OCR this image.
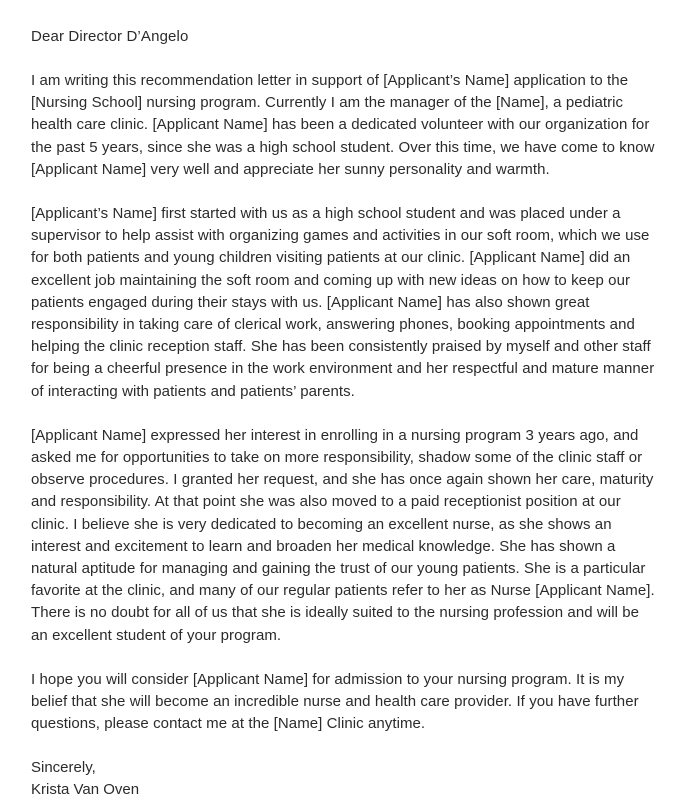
Dear Director D’Angelo

I am writing this recommendation letter in support of [Applicant’s Name] application to the [Nursing School] nursing program. Currently I am the manager of the [Name], a pediatric health care clinic. [Applicant Name] has been a dedicated volunteer with our organization for the past 5 years, since she was a high school student. Over this time, we have come to know [Applicant Name] very well and appreciate her sunny personality and warmth.

[Applicant’s Name] first started with us as a high school student and was placed under a supervisor to help assist with organizing games and activities in our soft room, which we use for both patients and young children visiting patients at our clinic. [Applicant Name] did an excellent job maintaining the soft room and coming up with new ideas on how to keep our patients engaged during their stays with us. [Applicant Name] has also shown great responsibility in taking care of clerical work, answering phones, booking appointments and helping the clinic reception staff. She has been consistently praised by myself and other staff for being a cheerful presence in the work environment and her respectful and mature manner of interacting with patients and patients’ parents.

[Applicant Name] expressed her interest in enrolling in a nursing program 3 years ago, and asked me for opportunities to take on more responsibility, shadow some of the clinic staff or observe procedures. I granted her request, and she has once again shown her care, maturity and responsibility. At that point she was also moved to a paid receptionist position at our clinic. I believe she is very dedicated to becoming an excellent nurse, as she shows an interest and excitement to learn and broaden her medical knowledge. She has shown a natural aptitude for managing and gaining the trust of our young patients. She is a particular favorite at the clinic, and many of our regular patients refer to her as Nurse [Applicant Name]. There is no doubt for all of us that she is ideally suited to the nursing profession and will be an excellent student of your program.

I hope you will consider [Applicant Name] for admission to your nursing program. It is my belief that she will become an incredible nurse and health care provider. If you have further questions, please contact me at the [Name] Clinic anytime.

Sincerely,
Krista Van Oven
